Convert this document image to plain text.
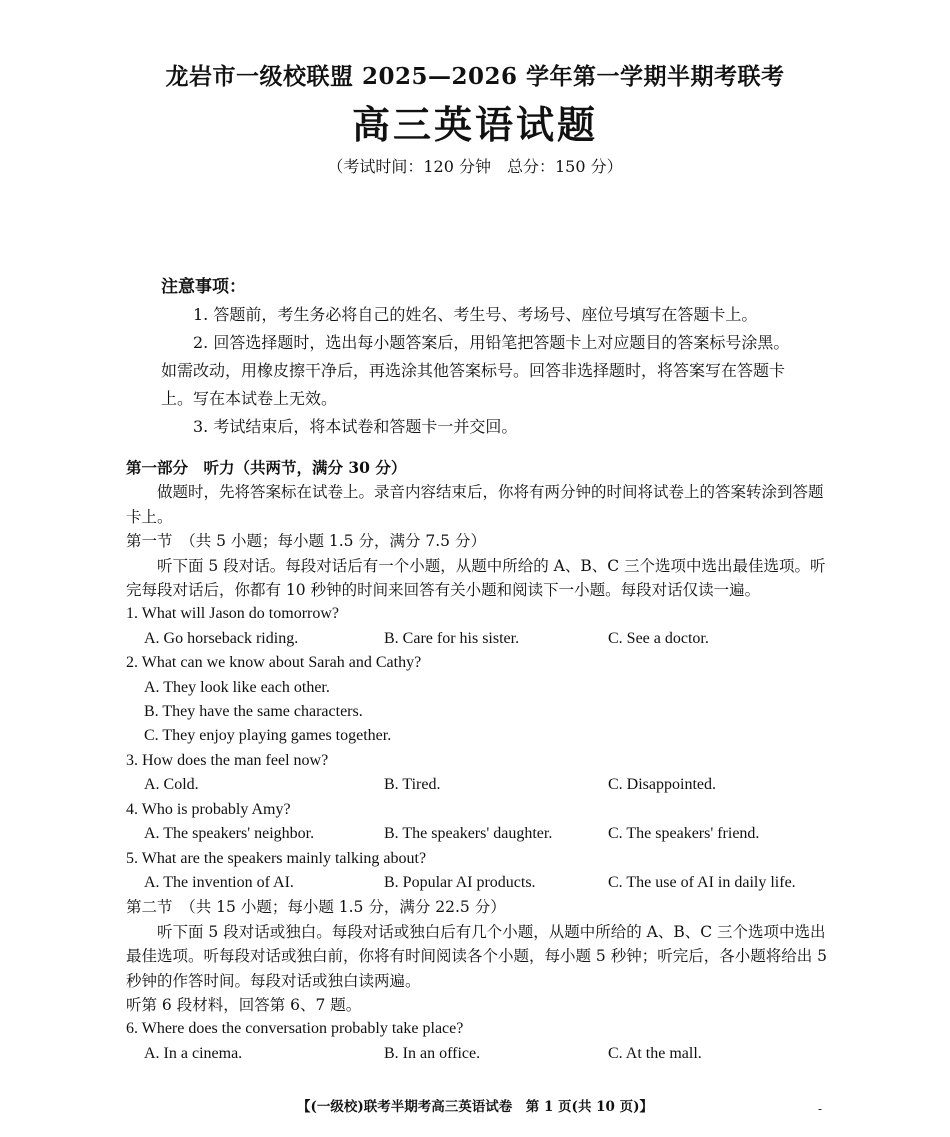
龙岩市一级校联盟 2025—2026 学年第一学期半期考联考
高三英语试题
（考试时间：120 分钟　总分：150 分）

注意事项：

1. 答题前，考生务必将自己的姓名、考生号、考场号、座位号填写在答题卡上。

2. 回答选择题时，选出每小题答案后，用铅笔把答题卡上对应题目的答案标号涂黑。如需改动，用橡皮擦干净后，再选涂其他答案标号。回答非选择题时，将答案写在答题卡上。写在本试卷上无效。

3. 考试结束后，将本试卷和答题卡一并交回。

第一部分　听力（共两节，满分 30 分）

做题时，先将答案标在试卷上。录音内容结束后，你将有两分钟的时间将试卷上的答案转涂到答题卡上。

第一节　（共 5 小题；每小题 1.5 分，满分 7.5 分）

听下面 5 段对话。每段对话后有一个小题，从题中所给的 A、B、C 三个选项中选出最佳选项。听完每段对话后，你都有 10 秒钟的时间来回答有关小题和阅读下一小题。每段对话仅读一遍。

1. What will Jason do tomorrow?

A. Go horseback riding.	B. Care for his sister.	C. See a doctor.

2. What can we know about Sarah and Cathy?

A. They look like each other.
B. They have the same characters.
C. They enjoy playing games together.

3. How does the man feel now?

A. Cold.	B. Tired.	C. Disappointed.

4. Who is probably Amy?

A. The speakers' neighbor.	B. The speakers' daughter.	C. The speakers' friend.

5. What are the speakers mainly talking about?

A. The invention of AI.	B. Popular AI products.	C. The use of AI in daily life.

第二节　（共 15 小题；每小题 1.5 分，满分 22.5 分）

听下面 5 段对话或独白。每段对话或独白后有几个小题，从题中所给的 A、B、C 三个选项中选出最佳选项。听每段对话或独白前，你将有时间阅读各个小题，每小题 5 秒钟；听完后，各小题将给出 5 秒钟的作答时间。每段对话或独白读两遍。

听第 6 段材料，回答第 6、7 题。

6. Where does the conversation probably take place?

A. In a cinema.	B. In an office.	C. At the mall.
【(一级校)联考半期考高三英语试卷　第 1 页(共 10 页)】	-
